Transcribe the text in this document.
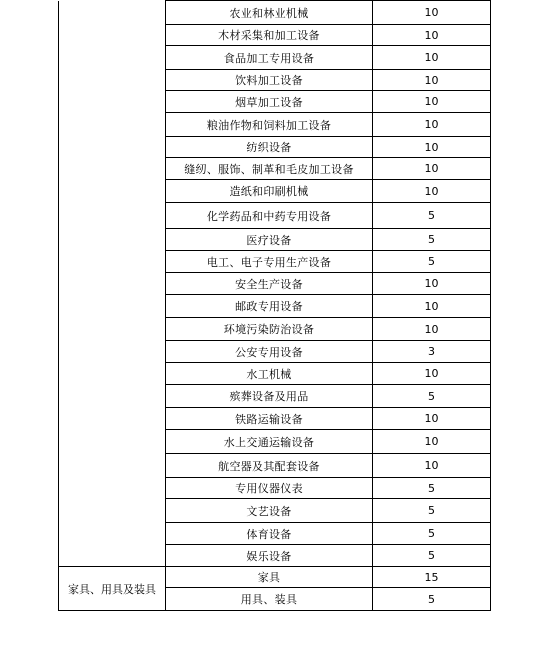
	农业和林业机械	10
	木材采集和加工设备	10
	食品加工专用设备	10
	饮料加工设备	10
	烟草加工设备	10
	粮油作物和饲料加工设备	10
	纺织设备	10
	缝纫、服饰、制革和毛皮加工设备	10
	造纸和印刷机械	10
	化学药品和中药专用设备	5
	医疗设备	5
	电工、电子专用生产设备	5
	安全生产设备	10
	邮政专用设备	10
	环境污染防治设备	10
	公安专用设备	3
	水工机械	10
	殡葬设备及用品	5
	铁路运输设备	10
	水上交通运输设备	10
	航空器及其配套设备	10
	专用仪器仪表	5
	文艺设备	5
	体育设备	5
	娱乐设备	5
家具、用具及装具	家具	15
	用具、装具	5
